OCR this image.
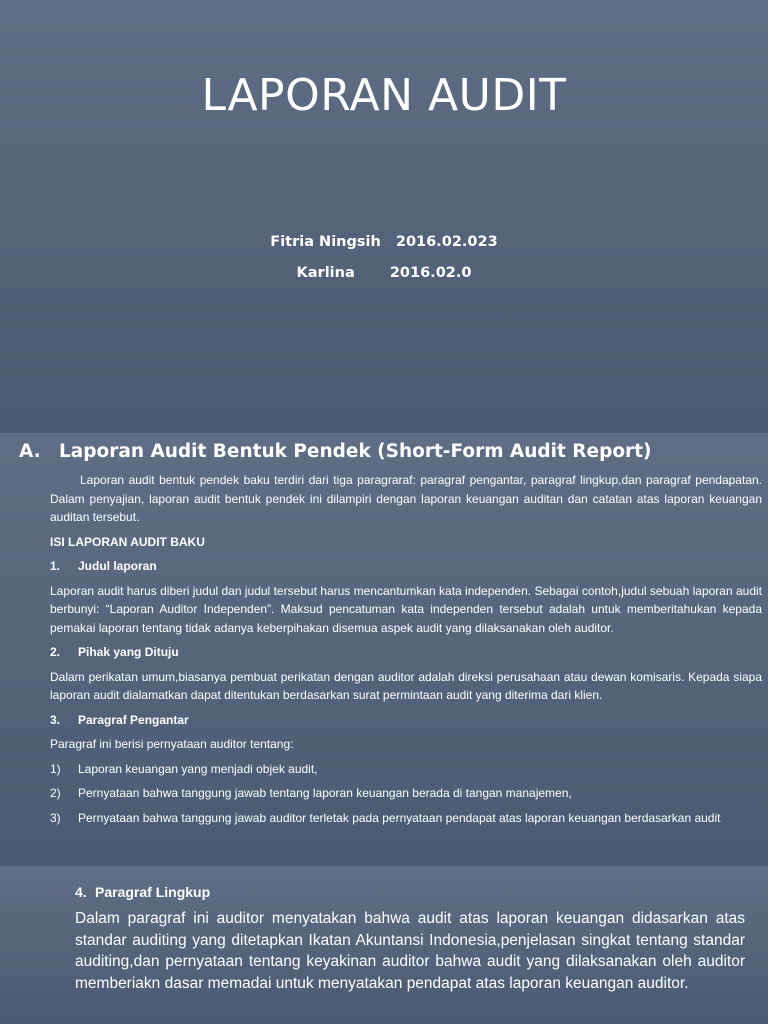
LAPORAN AUDIT
Fitria Ningsih 2016.02.023
Karlina 2016.02.0
A. Laporan Audit Bentuk Pendek (Short-Form Audit Report)

Laporan audit bentuk pendek baku terdiri dari tiga paragraraf: paragraf pengantar, paragraf lingkup,dan paragraf pendapatan. Dalam penyajian, laporan audit bentuk pendek ini dilampiri dengan laporan keuangan auditan dan catatan atas laporan keuangan auditan tersebut.

ISI LAPORAN AUDIT BAKU
1. Judul laporan

Laporan audit harus diberi judul dan judul tersebut harus mencantumkan kata independen. Sebagai contoh,judul sebuah laporan audit berbunyi: “Laporan Auditor Independen”. Maksud pencatuman kata independen tersebut adalah untuk memberitahukan kepada pemakai laporan tentang tidak adanya keberpihakan disemua aspek audit yang dilaksanakan oleh auditor.

2. Pihak yang Dituju

Dalam perikatan umum,biasanya pembuat perikatan dengan auditor adalah direksi perusahaan atau dewan komisaris. Kepada siapa laporan audit dialamatkan dapat ditentukan berdasarkan surat permintaan audit yang diterima dari klien.

3. Paragraf Pengantar

Paragraf ini berisi pernyataan auditor tentang:

1) Laporan keuangan yang menjadi objek audit,
2) Pernyataan bahwa tanggung jawab tentang laporan keuangan berada di tangan manajemen,
3) Pernyataan bahwa tanggung jawab auditor terletak pada pernyataan pendapat atas laporan keuangan berdasarkan audit
4. Paragraf Lingkup

Dalam paragraf ini auditor menyatakan bahwa audit atas laporan keuangan didasarkan atas standar auditing yang ditetapkan Ikatan Akuntansi Indonesia,penjelasan singkat tentang standar auditing,dan pernyataan tentang keyakinan auditor bahwa audit yang dilaksanakan oleh auditor memberiakn dasar memadai untuk menyatakan pendapat atas laporan keuangan auditor.
